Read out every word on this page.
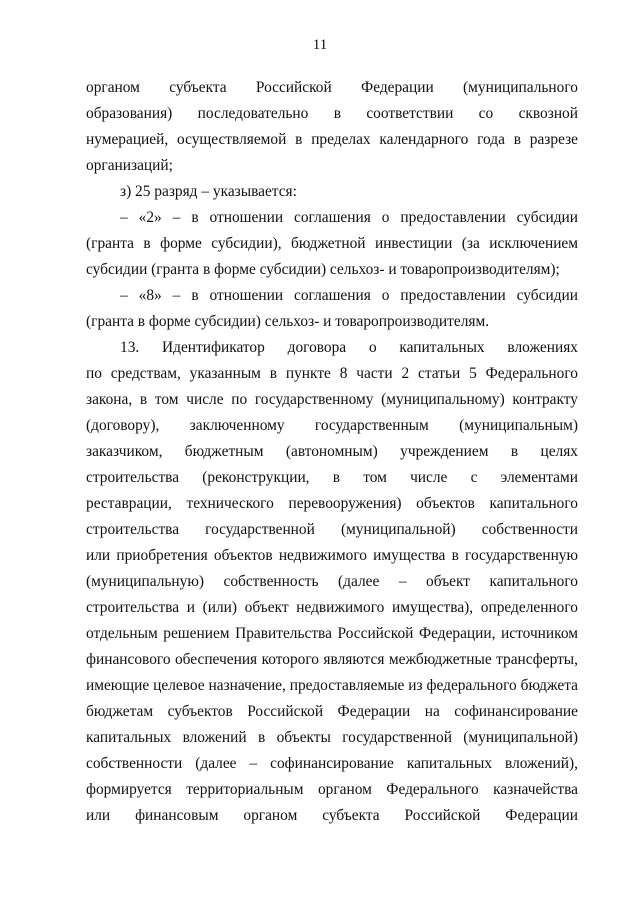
11
органом субъекта Российской Федерации (муниципального
образования) последовательно в соответствии со сквозной
нумерацией, осуществляемой в пределах календарного года в разрезе
организаций;
з) 25 разряд – указывается:
– «2» – в отношении соглашения о предоставлении субсидии
(гранта в форме субсидии), бюджетной инвестиции (за исключением
субсидии (гранта в форме субсидии) сельхоз- и товаропроизводителям);
– «8» – в отношении соглашения о предоставлении субсидии
(гранта в форме субсидии) сельхоз- и товаропроизводителям.
13. Идентификатор договора о капитальных вложениях
по средствам, указанным в пункте 8 части 2 статьи 5 Федерального
закона, в том числе по государственному (муниципальному) контракту
(договору), заключенному государственным (муниципальным)
заказчиком, бюджетным (автономным) учреждением в целях
строительства (реконструкции, в том числе с элементами
реставрации, технического перевооружения) объектов капитального
строительства государственной (муниципальной) собственности
или приобретения объектов недвижимого имущества в государственную
(муниципальную) собственность (далее – объект капитального
строительства и (или) объект недвижимого имущества), определенного
отдельным решением Правительства Российской Федерации, источником
финансового обеспечения которого являются межбюджетные трансферты,
имеющие целевое назначение, предоставляемые из федерального бюджета
бюджетам субъектов Российской Федерации на софинансирование
капитальных вложений в объекты государственной (муниципальной)
собственности (далее – софинансирование капитальных вложений),
формируется территориальным органом Федерального казначейства
или финансовым органом субъекта Российской Федерации
